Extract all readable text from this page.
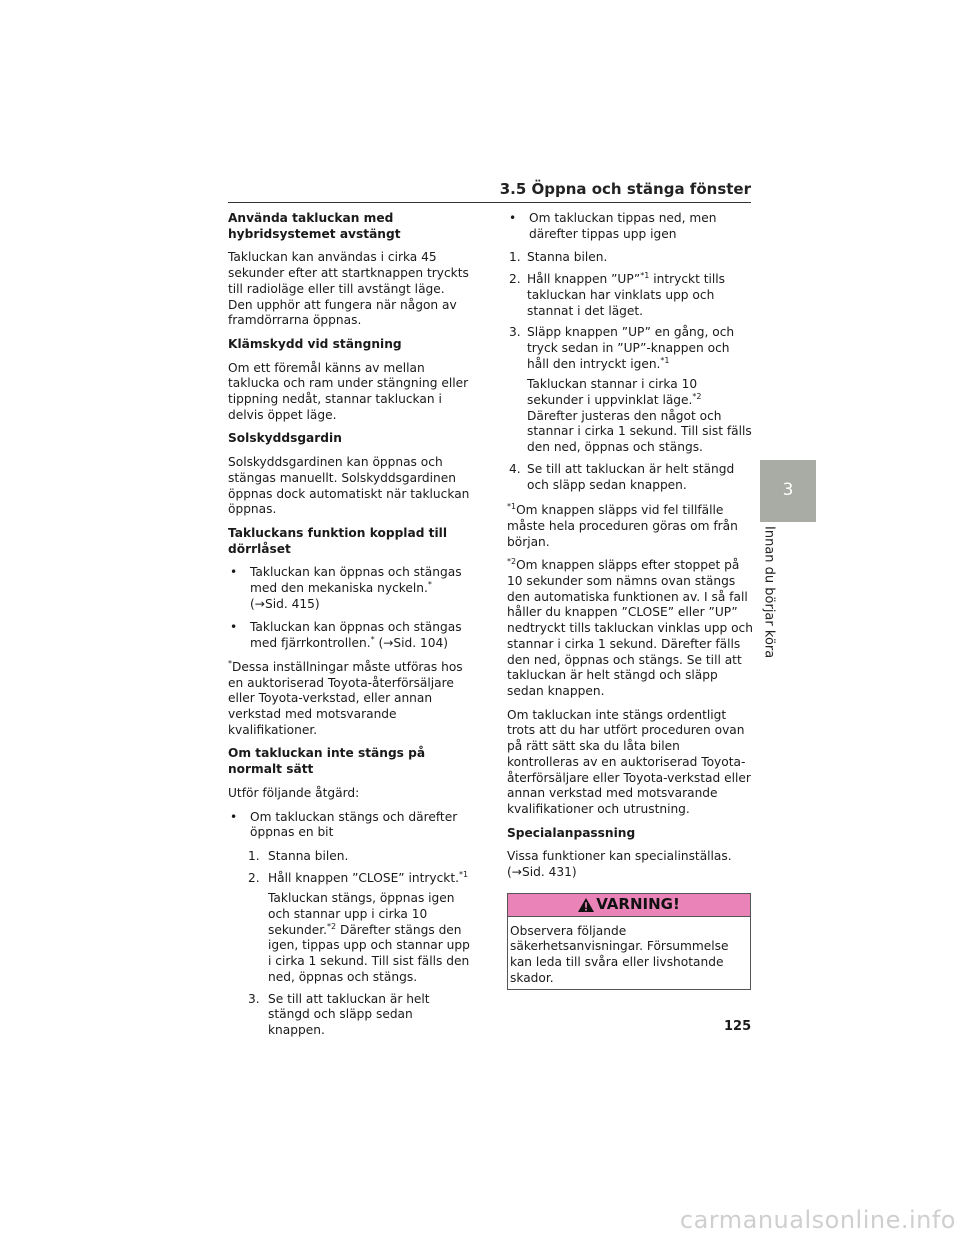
3.5 Öppna och stänga fönster
Använda takluckan med hybridsystemet avstängt

Takluckan kan användas i cirka 45 sekunder efter att startknappen tryckts till radioläge eller till avstängt läge. Den upphör att fungera när någon av framdörrarna öppnas.

Klämskydd vid stängning

Om ett föremål känns av mellan taklucka och ram under stängning eller tippning nedåt, stannar takluckan i delvis öppet läge.

Solskyddsgardin

Solskyddsgardinen kan öppnas och stängas manuellt. Solskyddsgardinen öppnas dock automatiskt när takluckan öppnas.

Takluckans funktion kopplad till dörrlåset
• Takluckan kan öppnas och stängas med den mekaniska nyckeln.*
(→Sid. 415)
• Takluckan kan öppnas och stängas med fjärrkontrollen.* (→Sid. 104)

*Dessa inställningar måste utföras hos en auktoriserad Toyota-återförsäljare eller Toyota-verkstad, eller annan verkstad med motsvarande kvalifikationer.

Om takluckan inte stängs på normalt sätt

Utför följande åtgärd:

• Om takluckan stängs och därefter öppnas en bit
1. Stanna bilen.
2. Håll knappen ”CLOSE” intryckt.$^{*1}$
Takluckan stängs, öppnas igen och stannar upp i cirka 10 sekunder.$^{*2}$ Därefter stängs den igen, tippas upp och stannar upp i cirka 1 sekund. Till sist fälls den ned, öppnas och stängs.
3. Se till att takluckan är helt stängd och släpp sedan knappen.
• Om takluckan tippas ned, men därefter tippas upp igen
1. Stanna bilen.
2. Håll knappen ”UP”$^{*1}$ intryckt tills takluckan har vinklats upp och stannat i det läget.
3. Släpp knappen ”UP” en gång, och tryck sedan in ”UP”-knappen och håll den intryckt igen.$^{*1}$
Takluckan stannar i cirka 10 sekunder i uppvinklat läge.$^{*2}$ Därefter justeras den något och stannar i cirka 1 sekund. Till sist fälls den ned, öppnas och stängs.
4. Se till att takluckan är helt stängd och släpp sedan knappen.

$^{*1}$Om knappen släpps vid fel tillfälle måste hela proceduren göras om från början.

$^{*2}$Om knappen släpps efter stoppet på 10 sekunder som nämns ovan stängs den automatiska funktionen av. I så fall håller du knappen ”CLOSE” eller ”UP” nedtryckt tills takluckan vinklas upp och stannar i cirka 1 sekund. Därefter fälls den ned, öppnas och stängs. Se till att takluckan är helt stängd och släpp sedan knappen.

Om takluckan inte stängs ordentligt trots att du har utfört proceduren ovan på rätt sätt ska du låta bilen kontrolleras av en auktoriserad Toyota-återförsäljare eller Toyota-verkstad eller annan verkstad med motsvarande kvalifikationer och utrustning.

Specialanpassning

Vissa funktioner kan specialinställas.
(→Sid. 431)

VARNING!
Observera följande säkerhetsanvisningar. Försummelse kan leda till svåra eller livshotande skador.
3
Innan du börjar köra
125
carmanualsonline.info
